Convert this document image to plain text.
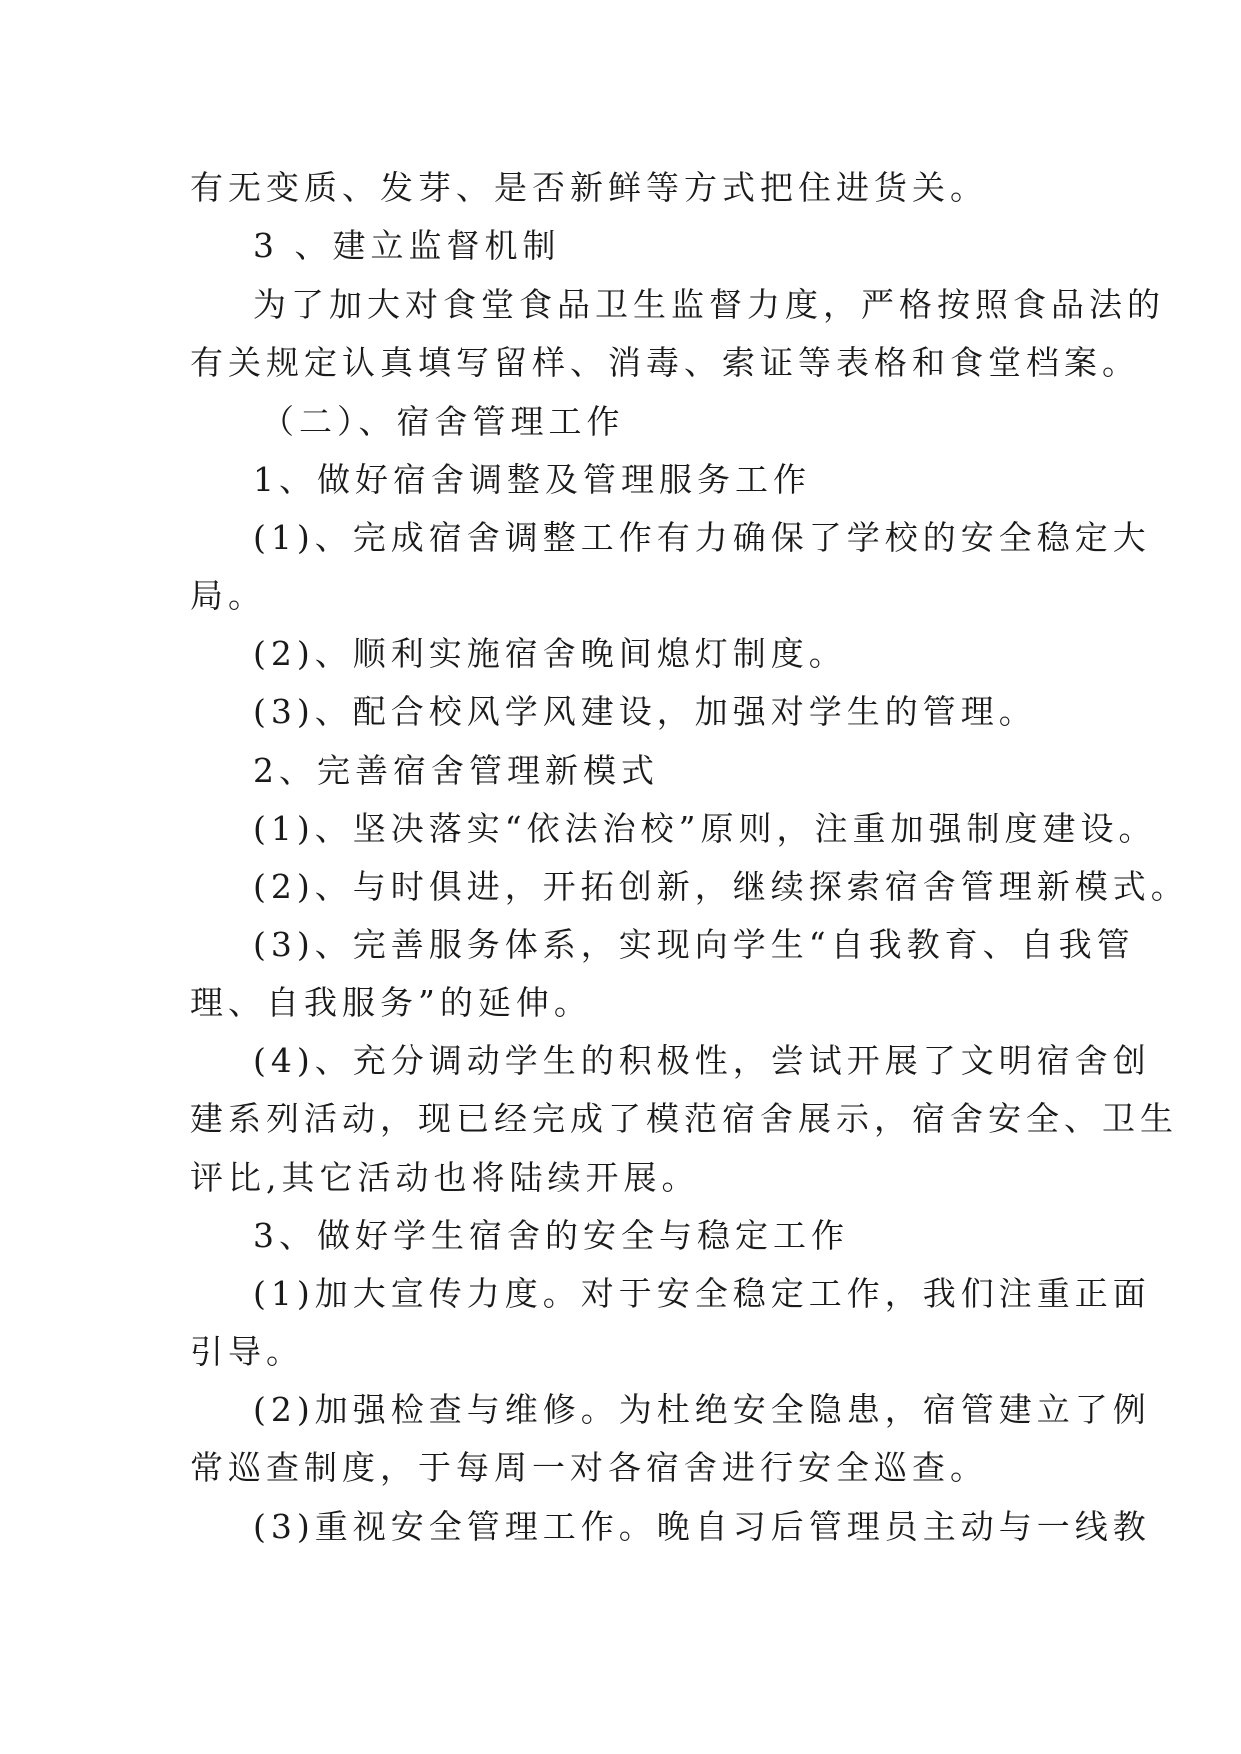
有无变质、发芽、是否新鲜等方式把住进货关。
3 、建立监督机制
为了加大对食堂食品卫生监督力度，严格按照食品法的
有关规定认真填写留样、消毒、索证等表格和食堂档案。
（二）、宿舍管理工作
1、做好宿舍调整及管理服务工作
(1)、完成宿舍调整工作有力确保了学校的安全稳定大
局。
(2)、顺利实施宿舍晚间熄灯制度。
(3)、配合校风学风建设，加强对学生的管理。
2、完善宿舍管理新模式
(1)、坚决落实“依法治校”原则，注重加强制度建设。
(2)、与时俱进，开拓创新，继续探索宿舍管理新模式。
(3)、完善服务体系，实现向学生“自我教育、自我管
理、自我服务”的延伸。
(4)、充分调动学生的积极性，尝试开展了文明宿舍创
建系列活动，现已经完成了模范宿舍展示，宿舍安全、卫生
评比,其它活动也将陆续开展。
3、做好学生宿舍的安全与稳定工作
(1)加大宣传力度。对于安全稳定工作，我们注重正面
引导。
(2)加强检查与维修。为杜绝安全隐患，宿管建立了例
常巡查制度，于每周一对各宿舍进行安全巡查。
(3)重视安全管理工作。晚自习后管理员主动与一线教
